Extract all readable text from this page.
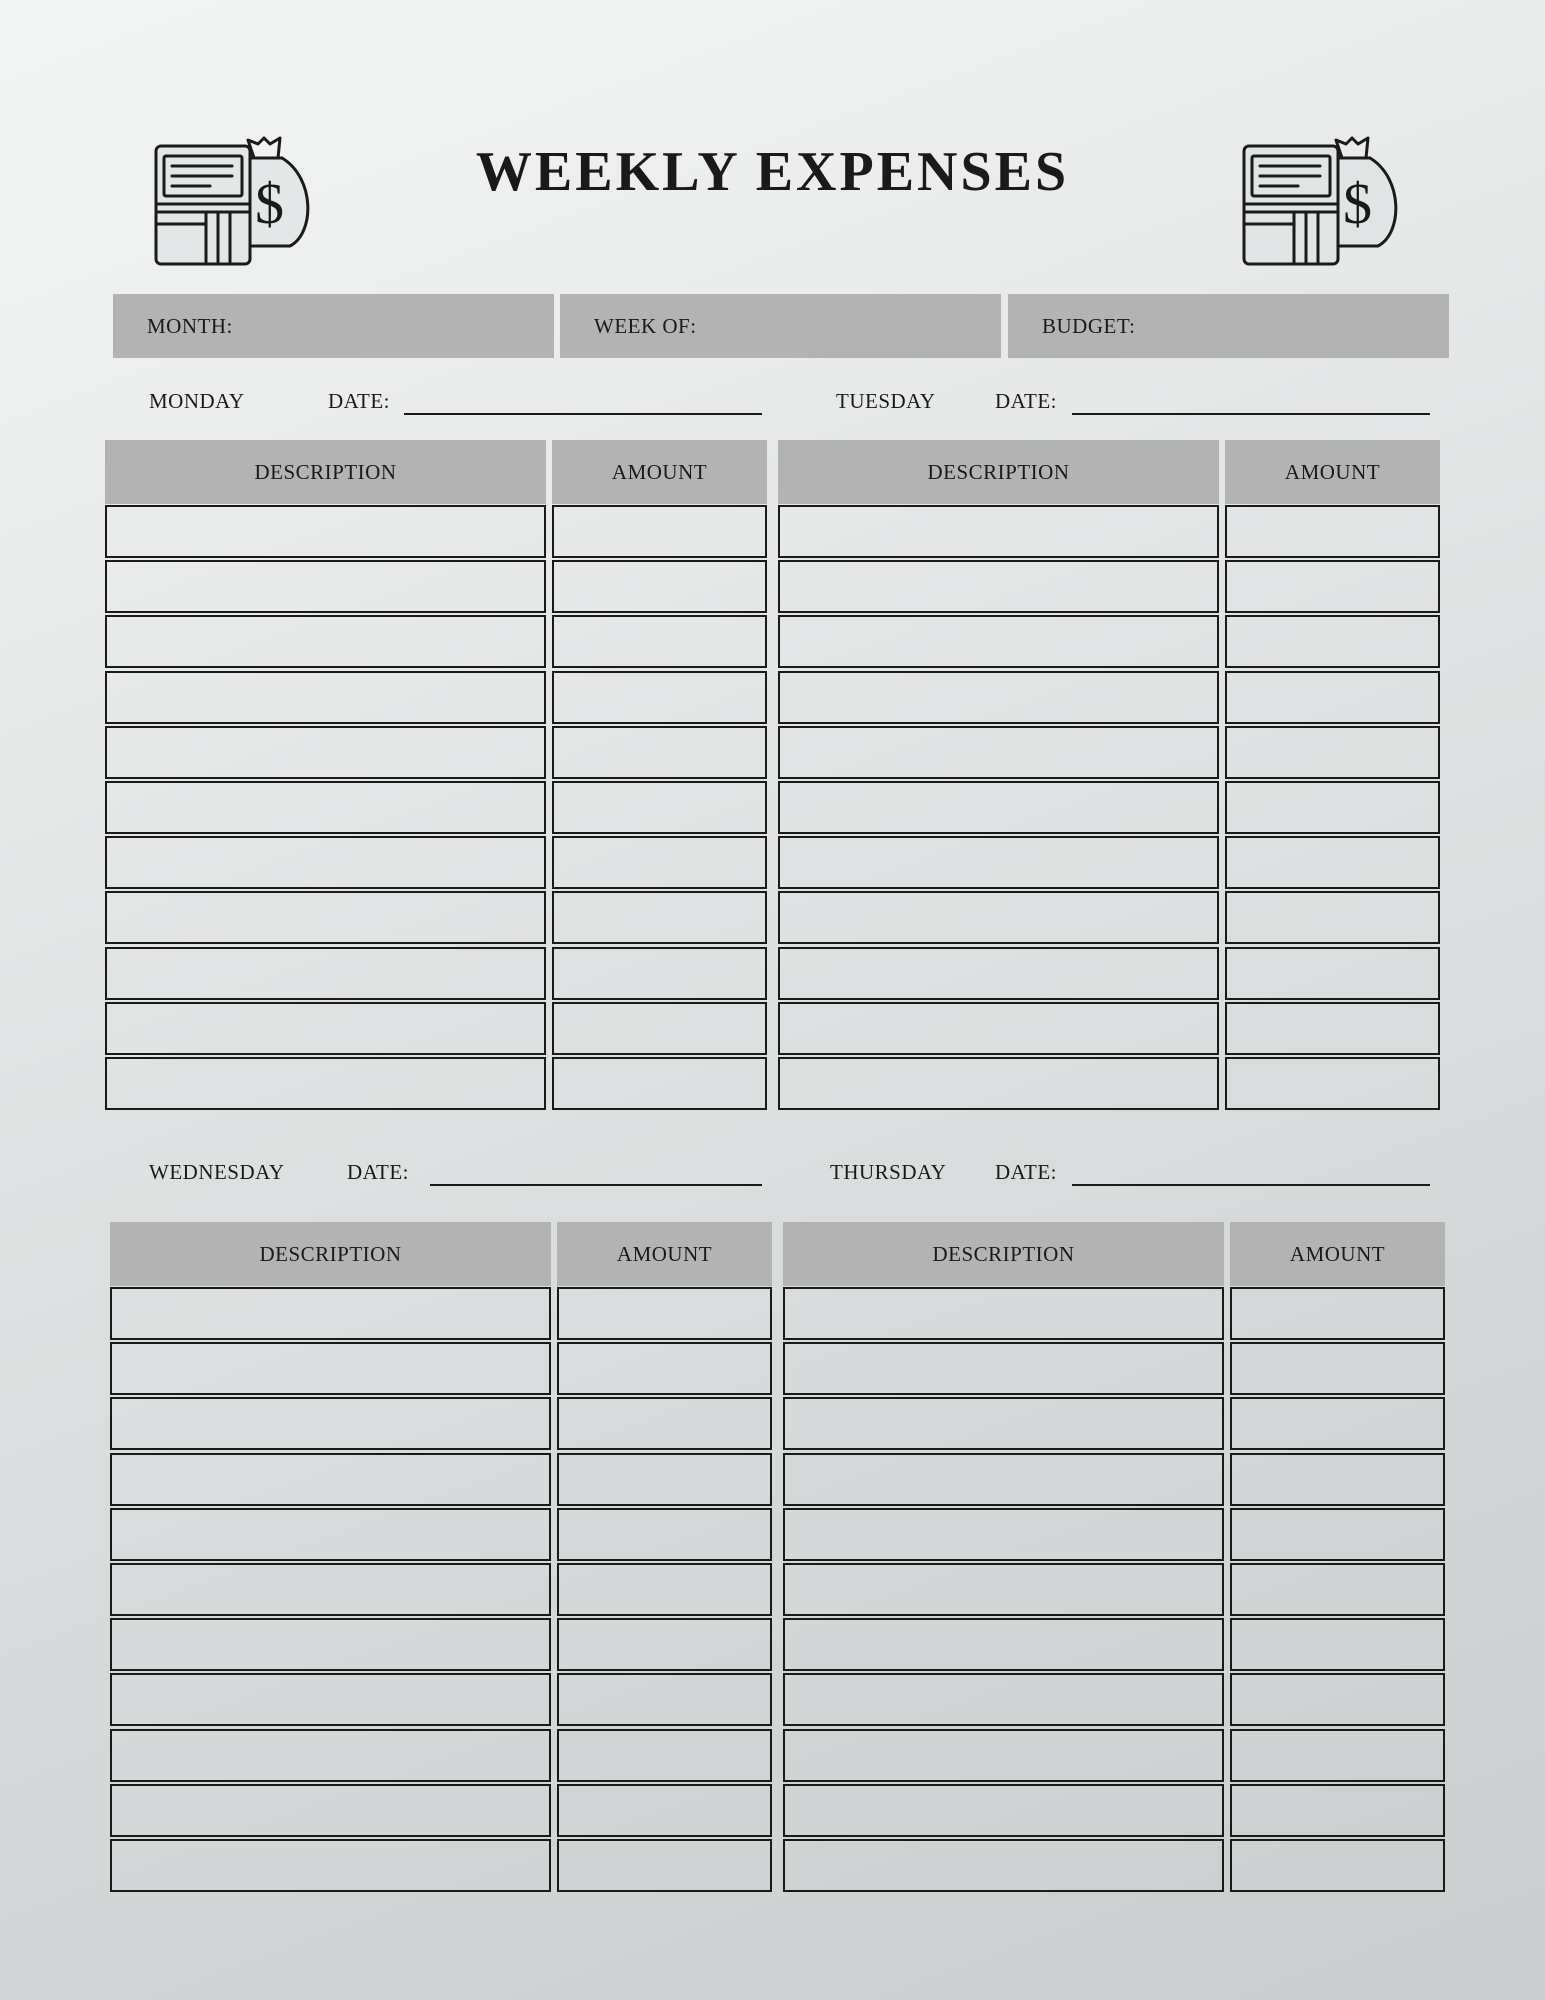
$	$
WEEKLY EXPENSES
MONTH:	WEEK OF:	BUDGET:
MONDAY	DATE:	TUESDAY	DATE:
WEDNESDAY	DATE:	THURSDAY DATE:
DESCRIPTION	AMOUNT	DESCRIPTION	AMOUNT
DESCRIPTION	AMOUNT	DESCRIPTION	AMOUNT
